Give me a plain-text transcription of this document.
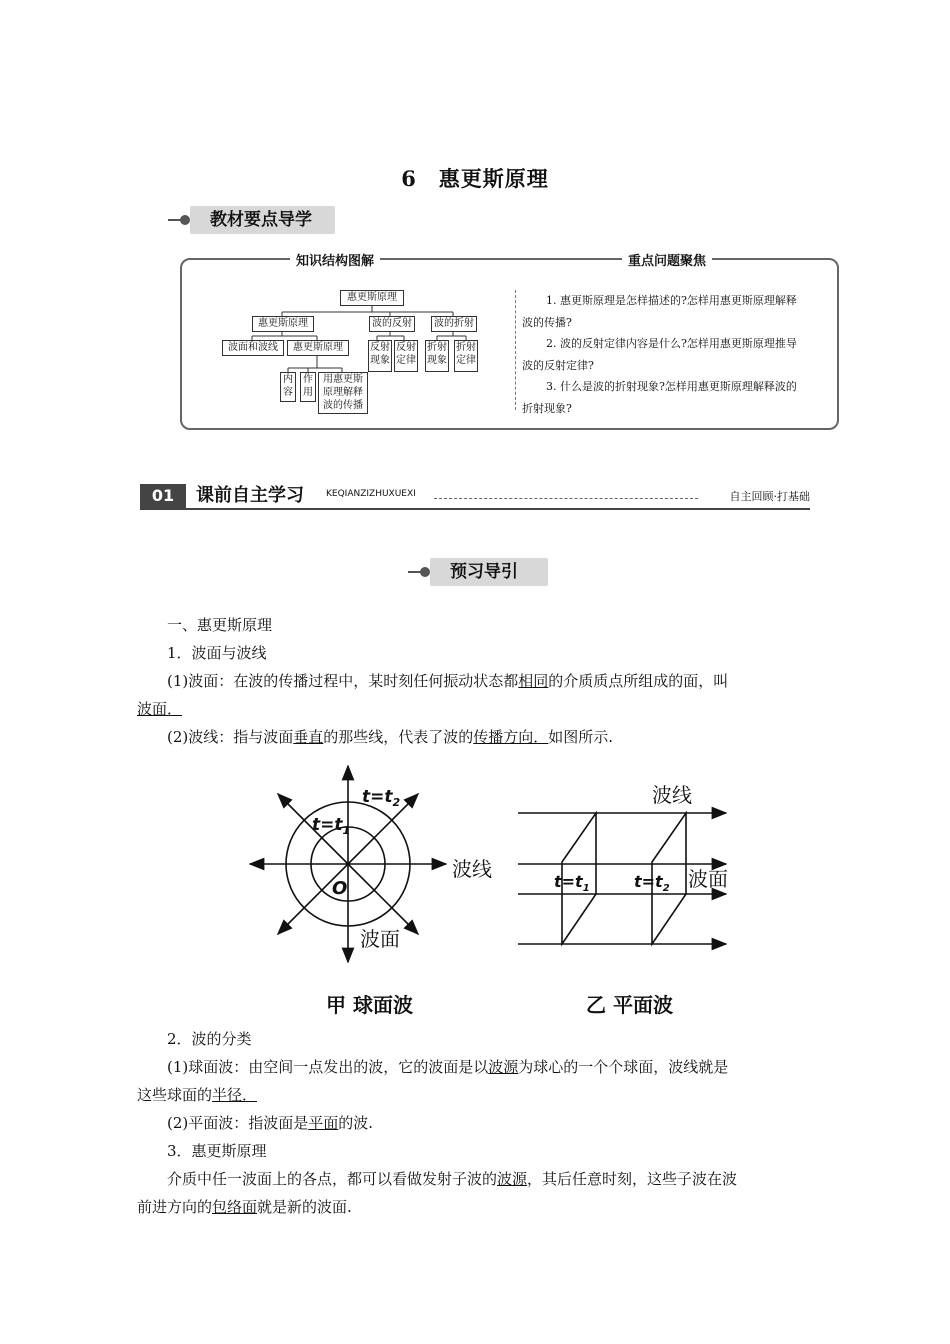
6　惠更斯原理
教材要点导学
知识结构图解	重点问题聚焦
惠更斯原理
惠更斯原理	波的反射	波的折射
波面和波线	惠更斯原理	反射现象
反射定律
折射现象
折射定律
内容
作用
用惠更斯原理解释波的传播
1. 惠更斯原理是怎样描述的?怎样用惠更斯原理解释
波的传播?
2. 波的反射定律内容是什么?怎样用惠更斯原理推导
波的反射定律?
3. 什么是波的折射现象?怎样用惠更斯原理解释波的
折射现象?
01	课前自主学习 KEQIANZIZHUXUEXI	自主回顾·打基础
预习导引
一、惠更斯原理
1．波面与波线
(1)波面：在波的传播过程中，某时刻任何振动状态都相同的介质质点所组成的面，叫
波面．
(2)波线：指与波面垂直的那些线，代表了波的传播方向．如图所示.
$t=t_2$
$t=t_1$
O
波线
波面
波线
波面
$t=t_1$	$t=t_2$
甲 球面波	乙 平面波
2．波的分类
(1)球面波：由空间一点发出的波，它的波面是以波源为球心的一个个球面，波线就是
这些球面的半径．
(2)平面波：指波面是平面的波.
3．惠更斯原理
介质中任一波面上的各点，都可以看做发射子波的波源，其后任意时刻，这些子波在波
前进方向的包络面就是新的波面.
